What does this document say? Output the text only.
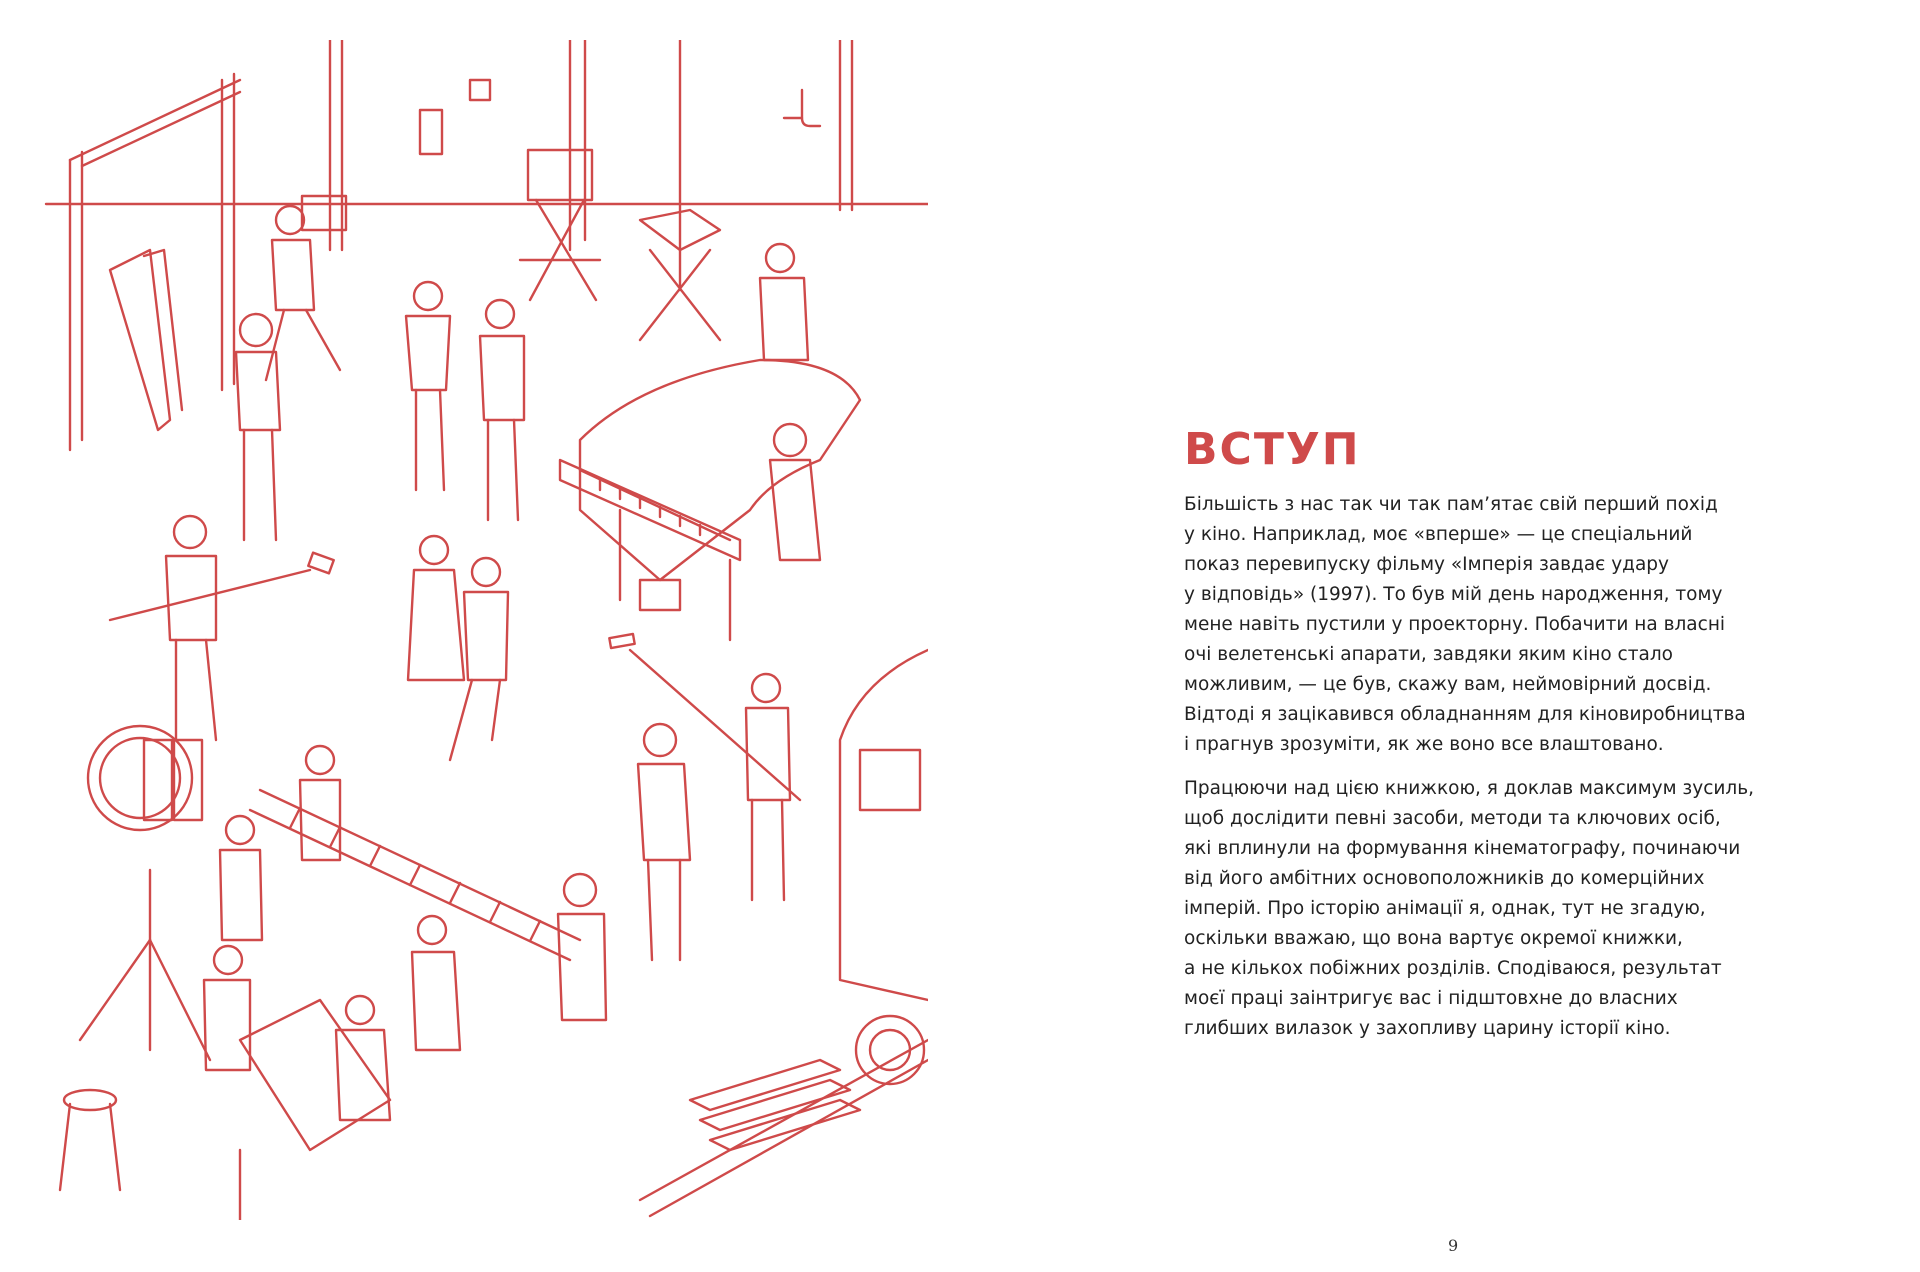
ВСТУП

Більшість з нас так чи так пам’ятає свій перший похід
у кіно. Наприклад, моє «вперше» — це спеціальний
показ перевипуску фільму «Імперія завдає удару
у відповідь» (1997). То був мій день народження, тому
мене навіть пустили у проекторну. Побачити на власні
очі велетенські апарати, завдяки яким кіно стало
можливим, — це був, скажу вам, неймовірний досвід.
Відтоді я зацікавився обладнанням для кіновиробництва
і прагнув зрозуміти, як же воно все влаштовано.

Працюючи над цією книжкою, я доклав максимум зусиль,
щоб дослідити певні засоби, методи та ключових осіб,
які вплинули на формування кінематографу, починаючи
від його амбітних основоположників до комерційних
імперій. Про історію анімації я, однак, тут не згадую,
оскільки вважаю, що вона вартує окремої книжки,
а не кількох побіжних розділів. Сподіваюся, результат
моєї праці заінтригує вас і підштовхне до власних
глибших вилазок у захопливу царину історії кіно.

9
